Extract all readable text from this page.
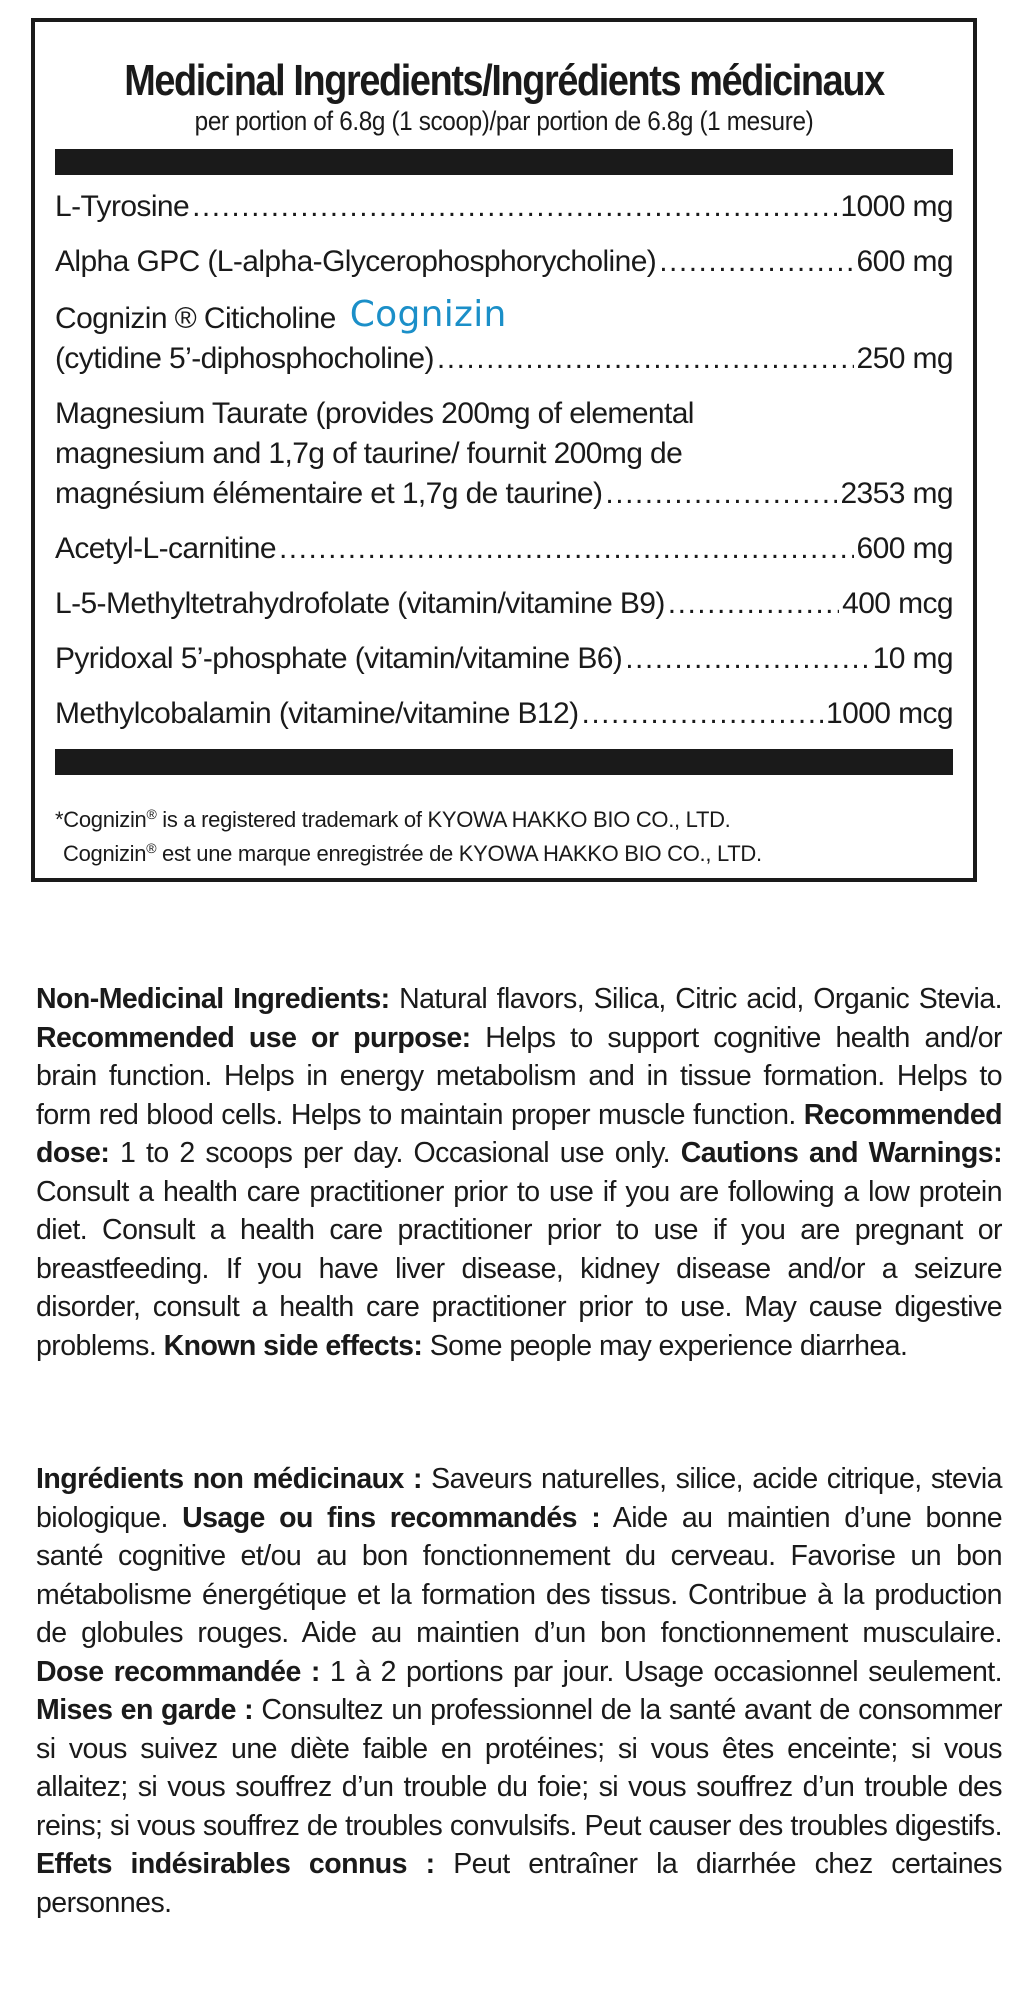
Medicinal Ingredients/Ingrédients médicinaux
per portion of 6.8g (1 scoop)/par portion de 6.8g (1 mesure)
L-Tyrosine .....	1000 mg
Alpha GPC (L-alpha-Glycerophosphorycholine) .....	600 mg
Cognizin ® Citicholine Cognizin
(cytidine 5’-diphosphocholine) .....	250 mg
Magnesium Taurate (provides 200mg of elemental
magnesium and 1,7g of taurine/ fournit 200mg de
magnésium élémentaire et 1,7g de taurine) .....	2353 mg
Acetyl-L-carnitine .....	600 mg
L-5-Methyltetrahydrofolate (vitamin/vitamine B9) .....	400 mcg
Pyridoxal 5’-phosphate (vitamin/vitamine B6) .....	10 mg
Methylcobalamin (vitamine/vitamine B12) .....	1000 mcg
*Cognizin® is a registered trademark of KYOWA HAKKO BIO CO., LTD.
Cognizin® est une marque enregistrée de KYOWA HAKKO BIO CO., LTD.

Non-Medicinal Ingredients: Natural flavors, Silica, Citric acid, Organic Stevia. Recommended use or purpose: Helps to support cognitive health and/or brain function. Helps in energy metabolism and in tissue formation. Helps to form red blood cells. Helps to maintain proper muscle function. Recommended dose: 1 to 2 scoops per day. Occasional use only. Cautions and Warnings: Consult a health care practitioner prior to use if you are following a low protein diet. Consult a health care practitioner prior to use if you are pregnant or breastfeeding. If you have liver disease, kidney disease and/or a seizure disorder, consult a health care practitioner prior to use. May cause digestive problems. Known side effects: Some people may experience diarrhea.

Ingrédients non médicinaux : Saveurs naturelles, silice, acide citrique, stevia biologique. Usage ou fins recommandés : Aide au maintien d’une bonne santé cognitive et/ou au bon fonctionnement du cerveau. Favorise un bon métabolisme énergétique et la formation des tissus. Contribue à la production de globules rouges. Aide au maintien d’un bon fonctionnement musculaire. Dose recommandée : 1 à 2 portions par jour. Usage occasionnel seulement. Mises en garde : Consultez un professionnel de la santé avant de consommer si vous suivez une diète faible en protéines; si vous êtes enceinte; si vous allaitez; si vous souffrez d’un trouble du foie; si vous souffrez d’un trouble des reins; si vous souffrez de troubles convulsifs. Peut causer des troubles digestifs. Effets indésirables connus : Peut entraîner la diarrhée chez certaines personnes.
